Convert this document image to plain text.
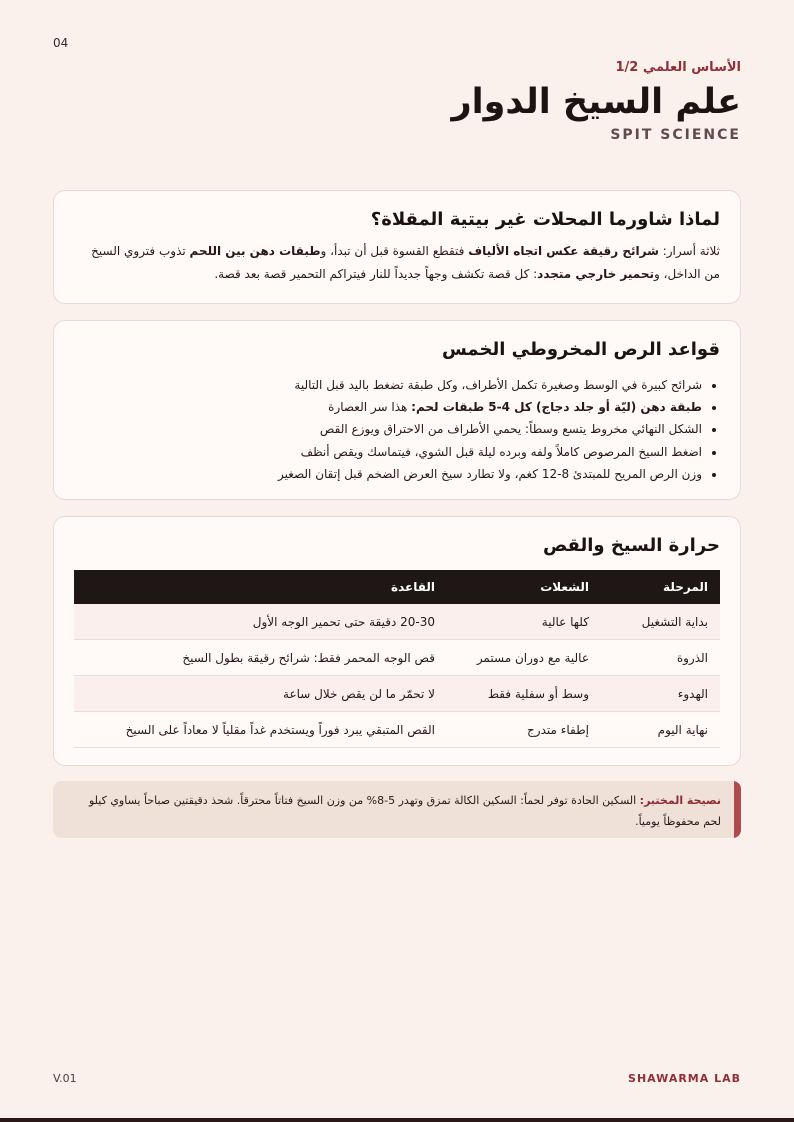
04

الأساس العلمي 1/2

علم السيخ الدوار

SPIT SCIENCE

لماذا شاورما المحلات غير بيتية المقلاة؟

ثلاثة أسرار: شرائح رقيقة عكس اتجاه الألياف فتقطع القسوة قبل أن تبدأ، وطبقات دهن بين اللحم تذوب فتروي السيخ من الداخل، وتحمير خارجي متجدد: كل قصة تكشف وجهاً جديداً للنار فيتراكم التحمير قصة بعد قصة.

قواعد الرص المخروطي الخمس
• شرائح كبيرة في الوسط وصغيرة تكمل الأطراف، وكل طبقة تضغط باليد قبل التالية
• طبقة دهن (ليّة أو جلد دجاج) كل 4-5 طبقات لحم: هذا سر العصارة
• الشكل النهائي مخروط يتسع وسطاً: يحمي الأطراف من الاحتراق ويوزع القص
• اضغط السيخ المرصوص كاملاً ولفه وبرده ليلة قبل الشوي، فيتماسك ويقص أنظف
• وزن الرص المريح للمبتدئ 8-12 كغم، ولا تطارد سيخ العرض الضخم قبل إتقان الصغير
حرارة السيخ والقص
المرحلة	الشعلات	القاعدة
بداية التشغيل	كلها عالية	20-30 دقيقة حتى تحمير الوجه الأول
الذروة	عالية مع دوران مستمر	قص الوجه المحمر فقط: شرائح رقيقة بطول السيخ
الهدوء	وسط أو سفلية فقط	لا تحمّر ما لن يقص خلال ساعة
نهاية اليوم	إطفاء متدرج	القص المتبقي يبرد فوراً ويستخدم غداً مقلياً لا معاداً على السيخ

نصيحة المختبر: السكين الحادة توفر لحماً: السكين الكالة تمزق وتهدر 5-8% من وزن السيخ فتاتاً محترقاً. شحذ دقيقتين صباحاً يساوي كيلو لحم محفوظاً يومياً.

V.01	SHAWARMA LAB
